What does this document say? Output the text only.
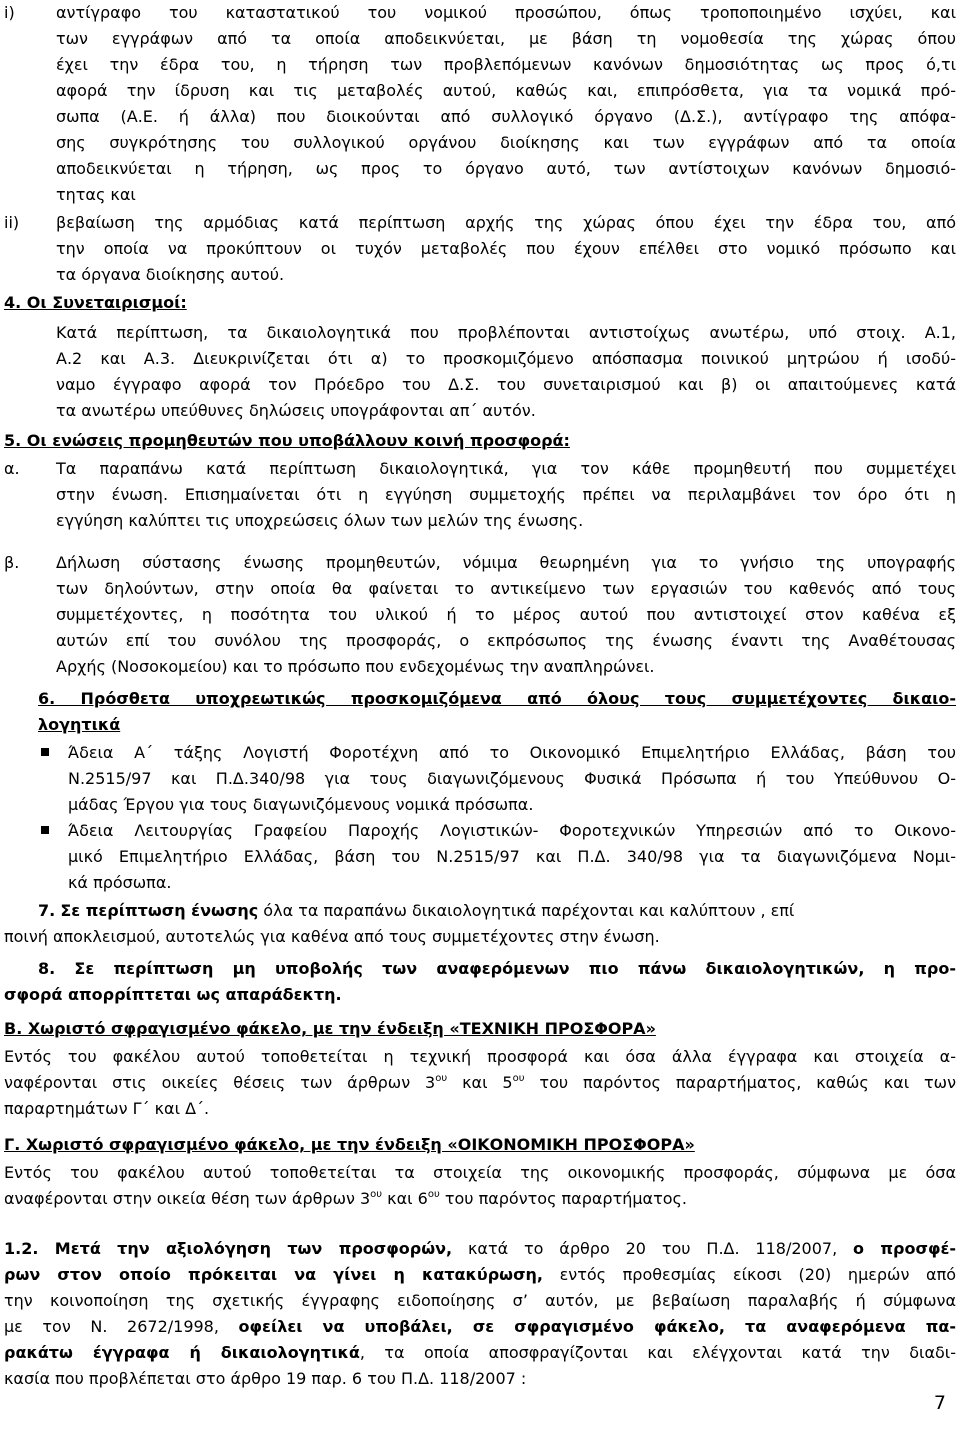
i)	αντίγραφο του καταστατικού του νομικού προσώπου, όπως τροποποιημένο ισχύει, και
των εγγράφων από τα οποία αποδεικνύεται, με βάση τη νομοθεσία της χώρας όπου
έχει την έδρα του, η τήρηση των προβλεπόμενων κανόνων δημοσιότητας ως προς ό,τι
αφορά την ίδρυση και τις μεταβολές αυτού, καθώς και, επιπρόσθετα, για τα νομικά πρό-
σωπα (Α.Ε. ή άλλα) που διοικούνται από συλλογικό όργανο (Δ.Σ.), αντίγραφο της απόφα-
σης συγκρότησης του συλλογικού οργάνου διοίκησης και των εγγράφων από τα οποία
αποδεικνύεται η τήρηση, ως προς το όργανο αυτό, των αντίστοιχων κανόνων δημοσιό-
τητας και
ii) βεβαίωση της αρμόδιας κατά περίπτωση αρχής της χώρας όπου έχει την έδρα του, από
την οποία να προκύπτουν οι τυχόν μεταβολές που έχουν επέλθει στο νομικό πρόσωπο και
τα όργανα διοίκησης αυτού.
4. Οι Συνεταιρισμοί:
Κατά περίπτωση, τα δικαιολογητικά που προβλέπονται αντιστοίχως ανωτέρω, υπό στοιχ. Α.1,
Α.2 και Α.3. Διευκρινίζεται ότι α) το προσκομιζόμενο απόσπασμα ποινικού μητρώου ή ισοδύ-
ναμο έγγραφο αφορά τον Πρόεδρο του Δ.Σ. του συνεταιρισμού και β) οι απαιτούμενες κατά
τα ανωτέρω υπεύθυνες δηλώσεις υπογράφονται απ΄ αυτόν.
5. Οι ενώσεις προμηθευτών που υποβάλλουν κοινή προσφορά:
α. Τα παραπάνω κατά περίπτωση δικαιολογητικά, για τον κάθε προμηθευτή που συμμετέχει
στην ένωση. Επισημαίνεται ότι η εγγύηση συμμετοχής πρέπει να περιλαμβάνει τον όρο ότι η
εγγύηση καλύπτει τις υποχρεώσεις όλων των μελών της ένωσης.
β. Δήλωση σύστασης ένωσης προμηθευτών, νόμιμα θεωρημένη για το γνήσιο της υπογραφής
των δηλούντων, στην οποία θα φαίνεται το αντικείμενο των εργασιών του καθενός από τους
συμμετέχοντες, η ποσότητα του υλικού ή το μέρος αυτού που αντιστοιχεί στον καθένα εξ
αυτών επί του συνόλου της προσφοράς, ο εκπρόσωπος της ένωσης έναντι της Αναθέτουσας
Αρχής (Νοσοκομείου) και το πρόσωπο που ενδεχομένως την αναπληρώνει.
6. Πρόσθετα υποχρεωτικώς προσκομιζόμενα από όλους τους συμμετέχοντες δικαιο-
λογητικά
Άδεια Α΄ τάξης Λογιστή Φοροτέχνη από το Οικονομικό Επιμελητήριο Ελλάδας, βάση του
Ν.2515/97 και Π.Δ.340/98 για τους διαγωνιζόμενους Φυσικά Πρόσωπα ή του Υπεύθυνου Ο-
μάδας Έργου για τους διαγωνιζόμενους νομικά πρόσωπα.
Άδεια Λειτουργίας Γραφείου Παροχής Λογιστικών- Φοροτεχνικών Υπηρεσιών από το Οικονο-
μικό Επιμελητήριο Ελλάδας, βάση του Ν.2515/97 και Π.Δ. 340/98 για τα διαγωνιζόμενα Νομι-
κά πρόσωπα.
7. Σε περίπτωση ένωσης όλα τα παραπάνω δικαιολογητικά παρέχονται και καλύπτουν , επί
ποινή αποκλεισμού, αυτοτελώς για καθένα από τους συμμετέχοντες στην ένωση.
8. Σε περίπτωση μη υποβολής των αναφερόμενων πιο πάνω δικαιολογητικών, η προ-
σφορά απορρίπτεται ως απαράδεκτη.
Β. Χωριστό σφραγισμένο φάκελο, με την ένδειξη «ΤΕΧΝΙΚΗ ΠΡΟΣΦΟΡΑ»
Εντός του φακέλου αυτού τοποθετείται η τεχνική προσφορά και όσα άλλα έγγραφα και στοιχεία α-
ναφέρονται στις οικείες θέσεις των άρθρων $3^{o\upsilon}$ και $5^{o\upsilon}$ του παρόντος παραρτήματος, καθώς και των
παραρτημάτων Γ΄ και Δ΄.
Γ. Χωριστό σφραγισμένο φάκελο, με την ένδειξη «ΟΙΚΟΝΟΜΙΚΗ ΠΡΟΣΦΟΡΑ»
Εντός του φακέλου αυτού τοποθετείται τα στοιχεία της οικονομικής προσφοράς, σύμφωνα με όσα
αναφέρονται στην οικεία θέση των άρθρων $3^{o\upsilon}$ και $6^{o\upsilon}$ του παρόντος παραρτήματος.
1.2. Μετά την αξιολόγηση των προσφορών, κατά το άρθρο 20 του Π.Δ. 118/2007, ο προσφέ-
ρων στον οποίο πρόκειται να γίνει η κατακύρωση, εντός προθεσμίας είκοσι (20) ημερών από
την κοινοποίηση της σχετικής έγγραφης ειδοποίησης σ’ αυτόν, με βεβαίωση παραλαβής ή σύμφωνα
με τον Ν. 2672/1998, οφείλει να υποβάλει, σε σφραγισμένο φάκελο, τα αναφερόμενα πα-
ρακάτω έγγραφα ή δικαιολογητικά, τα οποία αποσφραγίζονται και ελέγχονται κατά την διαδι-
κασία που προβλέπεται στο άρθρο 19 παρ. 6 του Π.Δ. 118/2007 :
7
